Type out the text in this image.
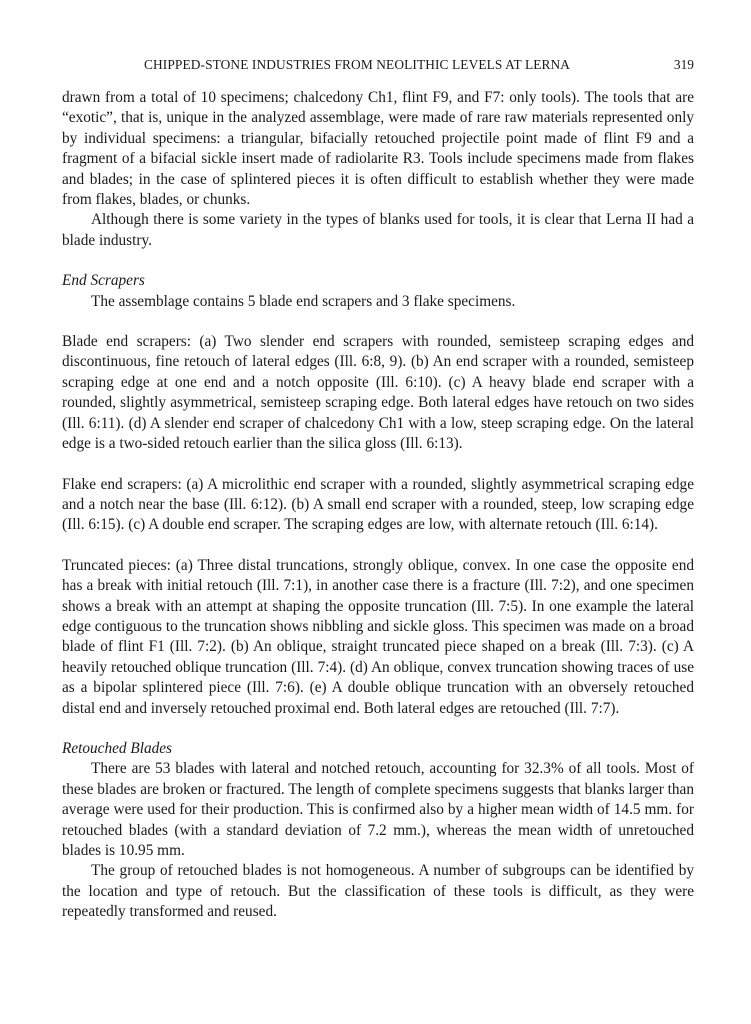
CHIPPED-STONE INDUSTRIES FROM NEOLITHIC LEVELS AT LERNA	319

drawn from a total of 10 specimens; chalcedony Ch1, flint F9, and F7: only tools). The tools that are “exotic”, that is, unique in the analyzed assemblage, were made of rare raw materials represented only by individual specimens: a triangular, bifacially retouched projectile point made of flint F9 and a fragment of a bifacial sickle insert made of radiolarite R3. Tools include specimens made from flakes and blades; in the case of splintered pieces it is often difficult to establish whether they were made from flakes, blades, or chunks.

Although there is some variety in the types of blanks used for tools, it is clear that Lerna II had a blade industry.

End Scrapers

The assemblage contains 5 blade end scrapers and 3 flake specimens.

Blade end scrapers: (a) Two slender end scrapers with rounded, semisteep scraping edges and discontinuous, fine retouch of lateral edges (Ill. 6:8, 9). (b) An end scraper with a rounded, semisteep scraping edge at one end and a notch opposite (Ill. 6:10). (c) A heavy blade end scraper with a rounded, slightly asymmetrical, semisteep scraping edge. Both lateral edges have retouch on two sides (Ill. 6:11). (d) A slender end scraper of chalcedony Ch1 with a low, steep scraping edge. On the lateral edge is a two-sided retouch earlier than the silica gloss (Ill. 6:13).

Flake end scrapers: (a) A microlithic end scraper with a rounded, slightly asymmetrical scraping edge and a notch near the base (Ill. 6:12). (b) A small end scraper with a rounded, steep, low scraping edge (Ill. 6:15). (c) A double end scraper. The scraping edges are low, with alternate retouch (Ill. 6:14).

Truncated pieces: (a) Three distal truncations, strongly oblique, convex. In one case the opposite end has a break with initial retouch (Ill. 7:1), in another case there is a fracture (Ill. 7:2), and one specimen shows a break with an attempt at shaping the opposite truncation (Ill. 7:5). In one example the lateral edge contiguous to the truncation shows nibbling and sickle gloss. This specimen was made on a broad blade of flint F1 (Ill. 7:2). (b) An oblique, straight truncated piece shaped on a break (Ill. 7:3). (c) A heavily retouched oblique truncation (Ill. 7:4). (d) An oblique, convex truncation showing traces of use as a bipolar splintered piece (Ill. 7:6). (e) A double oblique truncation with an obversely retouched distal end and inversely retouched proximal end. Both lateral edges are retouched (Ill. 7:7).

Retouched Blades

There are 53 blades with lateral and notched retouch, accounting for 32.3% of all tools. Most of these blades are broken or fractured. The length of complete specimens suggests that blanks larger than average were used for their production. This is confirmed also by a higher mean width of 14.5 mm. for retouched blades (with a standard deviation of 7.2 mm.), whereas the mean width of unretouched blades is 10.95 mm.

The group of retouched blades is not homogeneous. A number of subgroups can be identified by the location and type of retouch. But the classification of these tools is difficult, as they were repeatedly transformed and reused.
